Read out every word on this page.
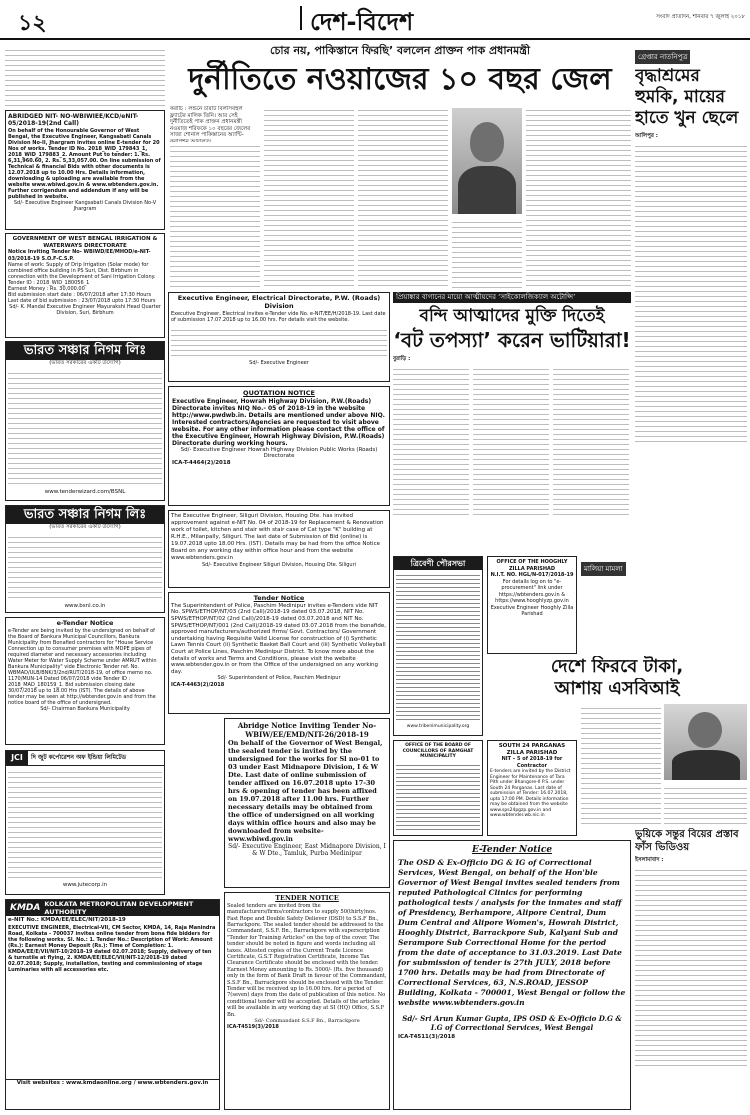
১২	দেশ-বিদেশ	সংবাদ প্রতিদিন, শনিবার ৭ জুলাই ২০১৮
ABRIDGED NIT- NO-WBIWIEE/KCD/eNIT-05/2018-19(2nd Call)
On behalf of the Honourable Governor of West Bengal, the Executive Engineer, Kangsabati Canals Division No-II, Jhargram invites online E-tender for 20 Nos of works. Tender ID No. 2018_WID_179843_1, 2018_WID_179883_2. Amount Put to tender: 1. Rs. 6,31,960.60, 2. Rs. 5,33,057.00. On line submission of Technical & financial Bids with other documents is 12.07.2018 up to 10.00 Hrs. Details information, downloading & uploading are available from the website www.wbiwd.gov.in & www.wbtenders.gov.in. Further corrigendum and addendum if any will be published in website.
Sd/- Executive Engineer Kangsabati Canals Division No-V Jhargram
GOVERNMENT OF WEST BENGAL IRRIGATION & WATERWAYS DIRECTORATE
Notice Inviting Tender No- WBIWD/EE/MHOD/e-NIT-03/2018-19 S.O.F-C.S.P.
Name of work: Supply of Drip Irrigation (Solar mode) for combined office building in PS Suri, Dist. Birbhum in connection with the Development of Sani Irrigation Colony.
Tender ID : 2018_WID_180056_1
Earnest Money : Rs. 30,000.00
Bid submission start date : 06/07/2018 after 17:30 Hours
Last date of bid submission : 23/07/2018 upto 17:30 Hours
Sd/- K. Mandal Executive Engineer Mayurakshi Head Quarter Division, Suri, Birbhum
ভারত সঞ্চার নিগম লিঃ
(ভারত সরকারের একটি উদ্যোগ)
www.tenderwizard.com/BSNL
ভারত সঞ্চার নিগম লিঃ
(ভারত সরকারের একটি উদ্যোগ)
www.bsnl.co.in
e-Tender Notice
e-Tender are being invited by the undersigned on behalf of the Board of Bankura Municipal Councillors, Bankura Municipality from Bonafied contractors for "House Service Connection up to consumer premises with MDPE pipes of required diameter and necessary accessories including Water Meter for Water Supply Scheme under AMRUT within Bankura Municipality" vide Electronic Tender ref. No. WBMAD/ULB/BNK/3/2nd/RUT/2018-19, of office memo no. 1170/MUN-14 Dated 06/07/2018 vide Tender ID : 2018_MAD_180159_1. Bid submission closing date 30/07/2018 up to 18.00 Hrs (IST). The details of above tender may be seen at http://wbtender.gov.in and from the notice board of the office of undersigned.
Sd/- Chairman Bankura Municipality
JCI	দি জুট কর্পোরেশন অফ ইন্ডিয়া লিমিটেড
www.jutecorp.in
KMDA KOLKATA METROPOLITAN DEVELOPMENT AUTHORITY
e-NIT No.: KMDA/EE/ELEC/NIT/2018-19
EXECUTIVE ENGINEER, Electrical-VII, CM Sector, KMDA, 14, Raja Manindra Road, Kolkata - 700037 invites online tender from bona fide bidders for the following works. Sl. No.: 1. Tender No.: Description of Work: Amount (Rs.): Earnest Money Deposit (Rs.): Time of Completion: 1. KMDA/EE/E/VII/NIT-10/2018-19 dated 02.07.2018; Supply, delivery of ten & turnstile at flying, 2. KMDA/EE/ELEC/VII/NIT-12/2018-19 dated 02.07.2018; Supply, installation, testing and commissioning of stage Luminaries with all accessories etc.
Visit websites : www.kmdaonline.org / www.wbtenders.gov.in
চোর নয়, পাকিস্তানে ফিরছি’ বললেন প্রাক্তন পাক প্রধানমন্ত্রী
দুর্নীতিতে নওয়াজের ১০ বছর জেল
করাচি : লন্ডনে চারটি বিলাসবহুল ফ্ল্যাটের মালিক তিনি। আর সেই দুর্নীতিতেই পাক প্রাক্তন প্রধানমন্ত্রী নওয়াজ শরিফকে ১০ বছরের জেলের সাজা শোনাল পাকিস্তানের অ্যান্টি-
গ্রেপ্তার নাতনিপুত্র
বৃদ্ধাশ্রমের হুমকি, মায়ের হাতে খুন ছেলে
আলিপুর :
Executive Engineer, Electrical Directorate, P.W. (Roads) Division
Executive Engineer, Electrical invites e-Tender vide No. e-NIT/EE/H/2018-19. Last date of submission 17.07.2018 up to 16.00 hrs. For details visit the website.
Sd/- Executive Engineer
QUOTATION NOTICE
Executive Engineer, Howrah Highway Division, P.W.(Roads) Directorate invites NIQ No.- 05 of 2018-19 in the website http://www.pwdwb.in. Details are mentioned under above NIQ. Interested contractors/Agencies are requested to visit above website. For any other information please contact the office of the Executive Engineer, Howrah Highway Division, P.W.(Roads) Directorate during working hours.
Sd/- Executive Engineer Howrah Highway Division Public Works (Roads) Directorate
ICA-T-4464(2)/2018
The Executive Engineer, Siliguri Division, Housing Dte. has invited approvement against e-NIT No. 04 of 2018-19 for Replacement & Renovation work of toilet, kitchen and stair with stair case of Cat type "K" building at R.H.E., Milanpally, Siliguri. The last date of Submission of Bid (online) is 19.07.2018 upto 18.00 Hrs. (IST). Details may be had from the office Notice Board on any working day within office hour and from the website www.wbtenders.gov.in
Sd/- Executive Engineer Siliguri Division, Housing Dte. Siliguri
Tender Notice
The Superintendent of Police, Paschim Medinipur invites e-Tenders vide NIT No. SPWS/ETHOP/NT/03 (2nd Call)/2018-19 dated 03.07.2018, NIT No. SPWS/ETHOP/NT/02 (2nd Call)/2018-19 dated 03.07.2018 and NIT No. SPWS/ETHOP/NT/001 (2nd Call)/2018-19 dated 03.07.2018 from the bonafide, approved manufacturers/authorized firms/ Govt. Contractors/ Government undertaking having Requisite Valid License for construction of (i) Synthetic Lawn Tennis Court (ii) Synthetic Basket Ball Court and (iii) Synthetic Volleyball Court at Police Lines, Paschim Medinipur District. To know more about the details of works and Terms and Conditions, please visit the website www.wbtender.gov.in or from the Office of the undersigned on any working day.
Sd/- Superintendent of Police, Paschim Medinipur
ICA-T-4463(2)/2018
Abridge Notice Inviting Tender No- WBIW/EE/EMD/NIT-26/2018-19
On behalf of the Governor of West Bengal, the sealed tender is invited by the undersigned for the works for Sl no-01 to 03 under East Midnapore Division, I & W Dte. Last date of online submission of tender affixed on 16.07.2018 upto 17-30 hrs & opening of tender has been affixed on 19.07.2018 after 11.00 hrs. Further necessary details may be obtained from the office of undersigned on all working days within office hours and also may be downloaded from website- www.wbiwd.gov.in
Sd/- Executive Engineer, East Midnapore Division, I & W Dte., Tamluk, Purba Medinipur
TENDER NOTICE
Sealed tenders are invited from the manufacturers/firms/contractors to supply 50(thirty)nos. Fast Rope and Double Safety Deliever (DSD) to S.S.F Bn., Barrackpore. The sealed tender should be addressed to the Commandant, S.S.F. Bn., Barrackpore with superscription "Tender for Training Articles" on the top of the cover. The tender should be noted in figure and words including all taxes. Attested copies of the Current Trade Licence Certificate, G.S.T Registration Certificate, Income Tax Clearance Certificate should be enclosed with the tender. Earnest Money amounting to Rs. 5000/- (Rs. five thousand) only in the form of Bank Draft in favour of the Commandant, S.S.F Bn., Barrackpore should be enclosed with the Tender. Tender will be received up to 16.00 hrs. for a period of 7(seven) days from the date of publication of this notice. No conditional tender will be accepted. Details of the articles will be available in any working day at SI (HQ) Office, S.S.F Bn.
Sd/- Commandant S.S.F Bn., Barrackpore
ICA-T4519(3)/2018
প্রিয়াঙ্কার বাগানের মায়ো আত্মীয়দের ‘সাইকোলজিক্যাল অটোপ্সি’
বন্দি আত্মাদের মুক্তি দিতেই
‘বট তপস্যা’ করেন ভাটিয়ারা!
বুরাড়ি :
ত্রিবেণী পৌরসভা
www.tribenimunicipality.org
OFFICE OF THE HOOGHLY ZILLA PARISHAD
N.I.T. NO. HGL/N-017/2018-19
For details log on to "e-procurement" link under https://wbtenders.gov.in & https://www.hooghlyzp.gov.in
Executive Engineer Hooghly Zilla Parishad
OFFICE OF THE BOARD OF COUNCILLORS OF RAMGHAT MUNICIPALITY
SOUTH 24 PARGANAS ZILLA PARISHAD
NIT – 5 of 2018-19 for Contractor
E-tenders are invited by the District Engineer for Maintenance of Tara Pith under Bhangore-II P.S. under South 24 Parganas. Last date of submission of Tender: 16.07.2018, upto 17:00 PM. Details information may be obtained from the website www.sps24pgzp.gov.in and www.wbtender.wb.nic.in
মালিয়া মামলা
দেশে ফিরবে টাকা,
আশায় এসবিআই
E-Tender Notice
The OSD & Ex-Officio DG & IG of Correctional Services, West Bengal, on behalf of the Hon'ble Governor of West Bengal invites sealed tenders from reputed Pathological Clinics for performing pathological tests / analysis for the inmates and staff of Presidency, Berhampore, Alipore Central, Dum Dum Central and Alipore Women's, Howrah District, Hooghly District, Barrackpore Sub, Kalyani Sub and Serampore Sub Correctional Home for the period from the date of acceptance to 31.03.2019. Last Date for submission of tender is 27th JULY, 2018 before 1700 hrs. Details may be had from Directorate of Correctional Services, 63, N.S.ROAD, JESSOP Building, Kolkata - 700001, West Bengal or follow the website www.wbtenders.gov.in
Sd/- Sri Arun Kumar Gupta, IPS OSD & Ex-Officio D.G & I.G of Correctional Services, West Bengal
ICA-T4511(3)/2018
ভুয়িকে সন্তুর বিয়ের প্রস্তাব ফাঁস ভিডিওয়
ইসলামাবাদ :
